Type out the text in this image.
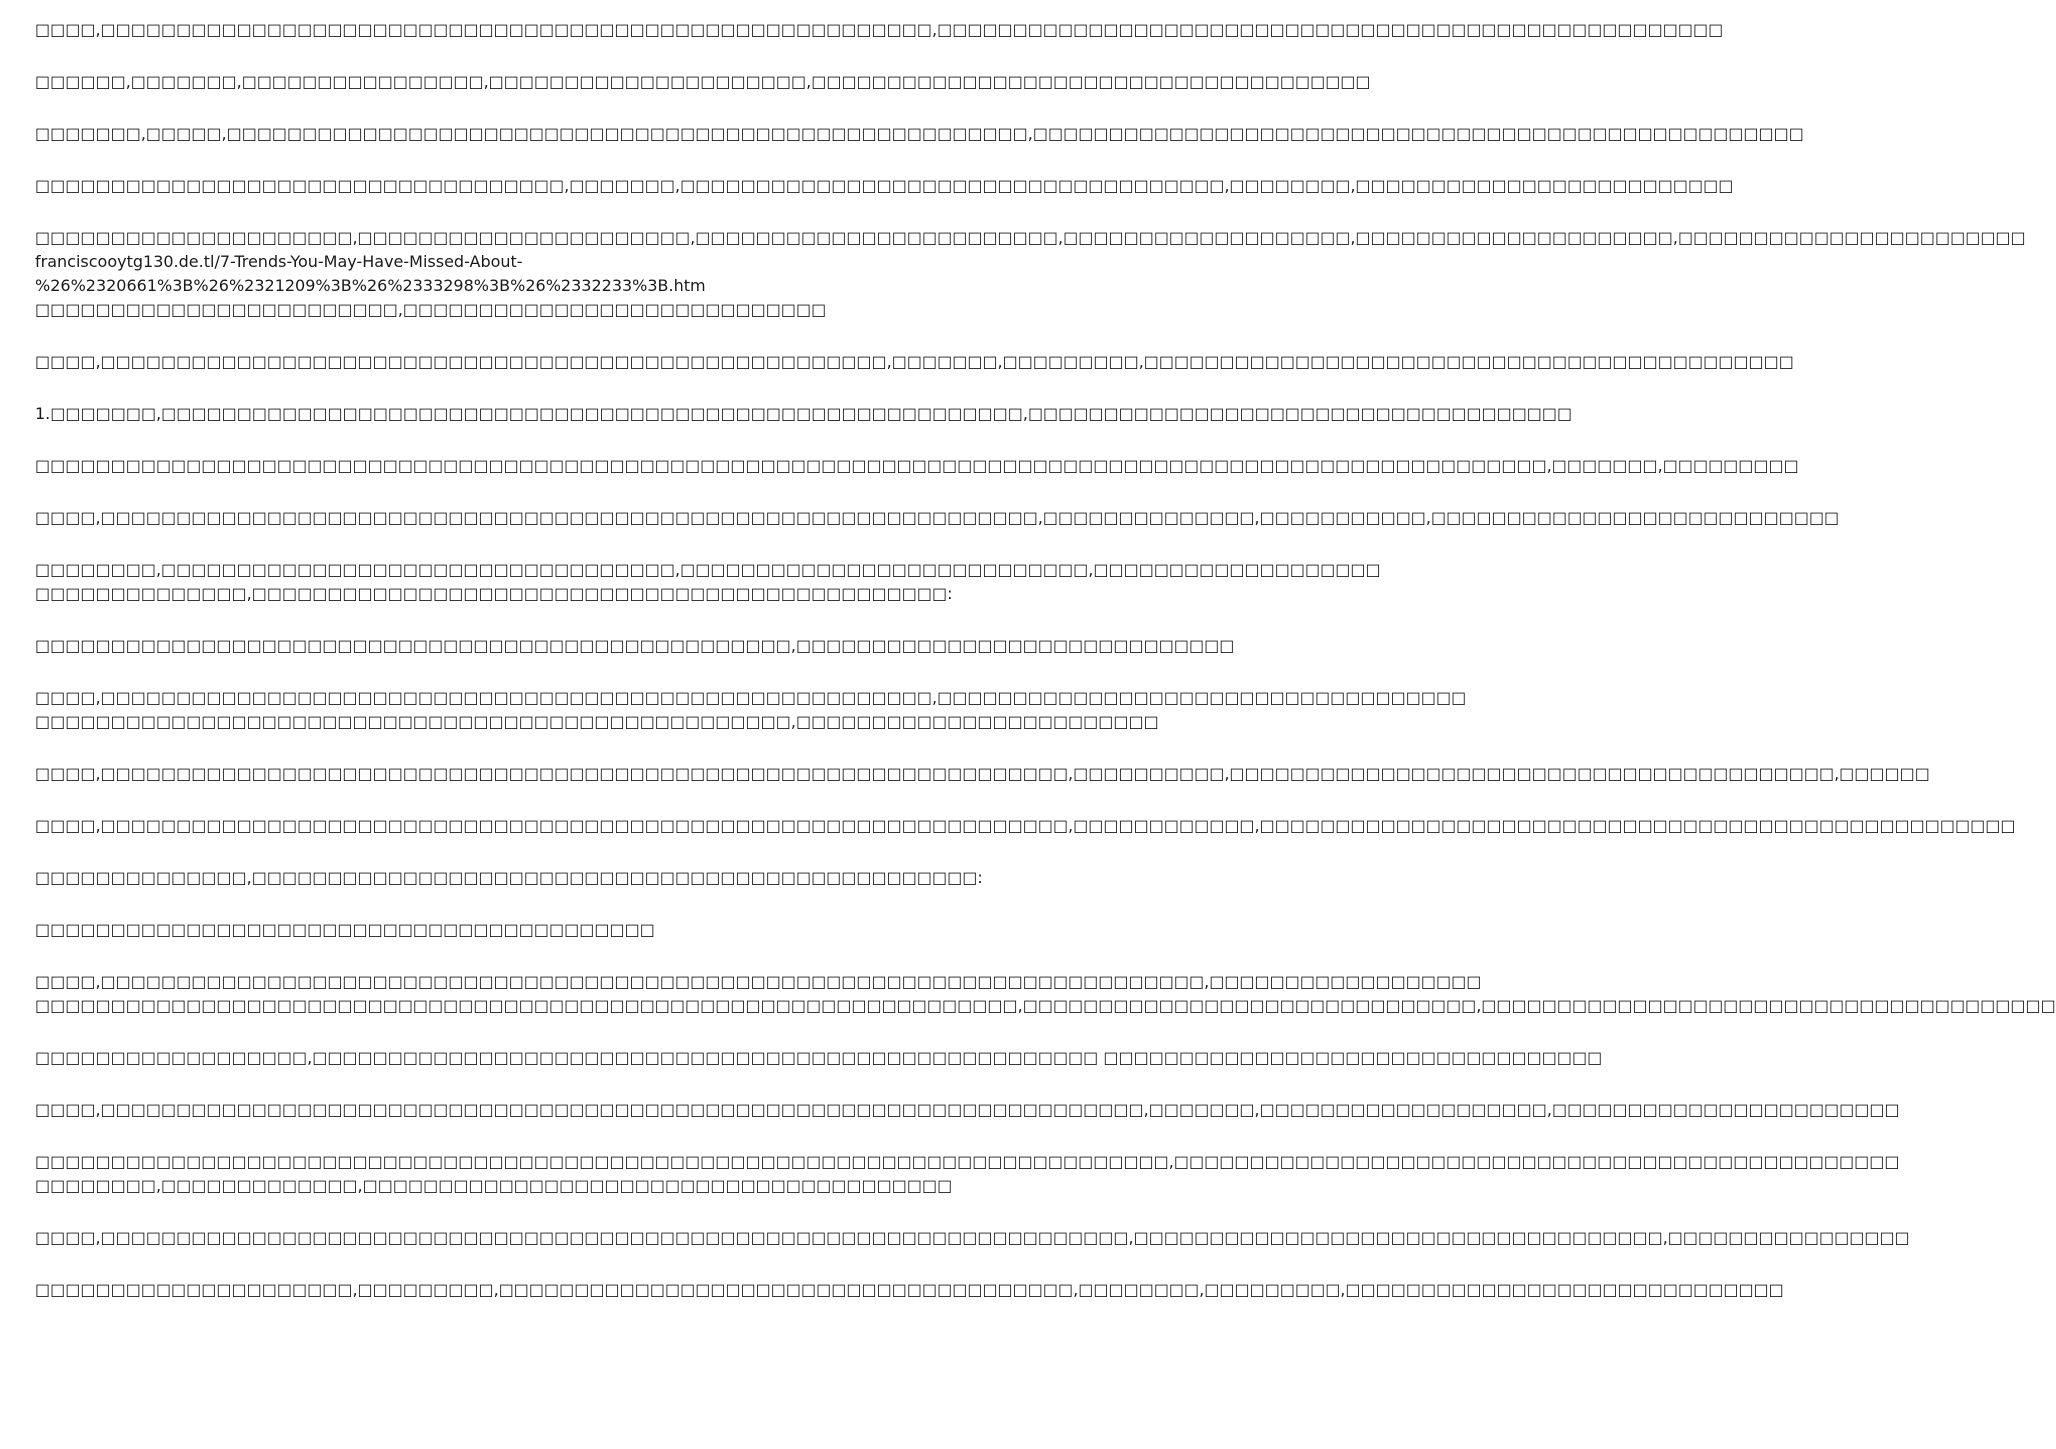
□□□□,□□□□□□□□□□□□□□□□□□□□□□□□□□□□□□□□□□□□□□□□□□□□□□□□□□□□□□□,□□□□□□□□□□□□□□□□□□□□□□□□□□□□□□□□□□□□□□□□□□□□□□□□□□□□
□□□□□□,□□□□□□□,□□□□□□□□□□□□□□□□,□□□□□□□□□□□□□□□□□□□□□,□□□□□□□□□□□□□□□□□□□□□□□□□□□□□□□□□□□□□
□□□□□□□,□□□□□,□□□□□□□□□□□□□□□□□□□□□□□□□□□□□□□□□□□□□□□□□□□□□□□□□□□□□,□□□□□□□□□□□□□□□□□□□□□□□□□□□□□□□□□□□□□□□□□□□□□□□□□□□
□□□□□□□□□□□□□□□□□□□□□□□□□□□□□□□□□□□,□□□□□□□,□□□□□□□□□□□□□□□□□□□□□□□□□□□□□□□□□□□□,□□□□□□□□,□□□□□□□□□□□□□□□□□□□□□□□□□
□□□□□□□□□□□□□□□□□□□□□,□□□□□□□□□□□□□□□□□□□□□□,□□□□□□□□□□□□□□□□□□□□□□□□,□□□□□□□□□□□□□□□□□□□,□□□□□□□□□□□□□□□□□□□□□,□□□□□□□□□□□□□□□□□□□□□□□
franciscooytg130.de.tl/7-Trends-You-May-Have-Missed-About-
%26%2320661%3B%26%2321209%3B%26%2333298%3B%26%2332233%3B.htm
□□□□□□□□□□□□□□□□□□□□□□□□,□□□□□□□□□□□□□□□□□□□□□□□□□□□□
□□□□,□□□□□□□□□□□□□□□□□□□□□□□□□□□□□□□□□□□□□□□□□□□□□□□□□□□□,□□□□□□□,□□□□□□□□□,□□□□□□□□□□□□□□□□□□□□□□□□□□□□□□□□□□□□□□□□□□□
1.□□□□□□□,□□□□□□□□□□□□□□□□□□□□□□□□□□□□□□□□□□□□□□□□□□□□□□□□□□□□□□□□□,□□□□□□□□□□□□□□□□□□□□□□□□□□□□□□□□□□□□
□□□□□□□□□□□□□□□□□□□□□□□□□□□□□□□□□□□□□□□□□□□□□□□□□□□□□□□□□□□□□□□□□□□□□□□□□□□□□□□□□□□□□□□□□□□□□□□□□□□□,□□□□□□□,□□□□□□□□□
□□□□,□□□□□□□□□□□□□□□□□□□□□□□□□□□□□□□□□□□□□□□□□□□□□□□□□□□□□□□□□□□□□□,□□□□□□□□□□□□□□,□□□□□□□□□□□,□□□□□□□□□□□□□□□□□□□□□□□□□□□
□□□□□□□□,□□□□□□□□□□□□□□□□□□□□□□□□□□□□□□□□□□,□□□□□□□□□□□□□□□□□□□□□□□□□□□,□□□□□□□□□□□□□□□□□□□
□□□□□□□□□□□□□□,□□□□□□□□□□□□□□□□□□□□□□□□□□□□□□□□□□□□□□□□□□□□□□:
□□□□□□□□□□□□□□□□□□□□□□□□□□□□□□□□□□□□□□□□□□□□□□□□□□,□□□□□□□□□□□□□□□□□□□□□□□□□□□□□
□□□□,□□□□□□□□□□□□□□□□□□□□□□□□□□□□□□□□□□□□□□□□□□□□□□□□□□□□□□□,□□□□□□□□□□□□□□□□□□□□□□□□□□□□□□□□□□□
□□□□□□□□□□□□□□□□□□□□□□□□□□□□□□□□□□□□□□□□□□□□□□□□□□,□□□□□□□□□□□□□□□□□□□□□□□□
□□□□,□□□□□□□□□□□□□□□□□□□□□□□□□□□□□□□□□□□□□□□□□□□□□□□□□□□□□□□□□□□□□□□□,□□□□□□□□□□,□□□□□□□□□□□□□□□□□□□□□□□□□□□□□□□□□□□□□□□□,□□□□□□
□□□□,□□□□□□□□□□□□□□□□□□□□□□□□□□□□□□□□□□□□□□□□□□□□□□□□□□□□□□□□□□□□□□□□,□□□□□□□□□□□□,□□□□□□□□□□□□□□□□□□□□□□□□□□□□□□□□□□□□□□□□□□□□□□□□□□
□□□□□□□□□□□□□□,□□□□□□□□□□□□□□□□□□□□□□□□□□□□□□□□□□□□□□□□□□□□□□□□:
□□□□□□□□□□□□□□□□□□□□□□□□□□□□□□□□□□□□□□□□□
□□□□,□□□□□□□□□□□□□□□□□□□□□□□□□□□□□□□□□□□□□□□□□□□□□□□□□□□□□□□□□□□□□□□□□□□□□□□□□,□□□□□□□□□□□□□□□□□□
□□□□□□□□□□□□□□□□□□□□□□□□□□□□□□□□□□□□□□□□□□□□□□□□□□□□□□□□□□□□□□□□□,□□□□□□□□□□□□□□□□□□□□□□□□□□□□□□,□□□□□□□□□□□□□□□□□□□□□□□□□□□□□□□□□□□□□□
□□□□□□□□□□□□□□□□□□,□□□□□□□□□□□□□□□□□□□□□□□□□□□□□□□□□□□□□□□□□□□□□□□□□□□□ □□□□□□□□□□□□□□□□□□□□□□□□□□□□□□□□□
□□□□,□□□□□□□□□□□□□□□□□□□□□□□□□□□□□□□□□□□□□□□□□□□□□□□□□□□□□□□□□□□□□□□□□□□□□,□□□□□□□,□□□□□□□□□□□□□□□□□□□,□□□□□□□□□□□□□□□□□□□□□□□
□□□□□□□□□□□□□□□□□□□□□□□□□□□□□□□□□□□□□□□□□□□□□□□□□□□□□□□□□□□□□□□□□□□□□□□□□□□,□□□□□□□□□□□□□□□□□□□□□□□□□□□□□□□□□□□□□□□□□□□□□□□□
□□□□□□□□,□□□□□□□□□□□□□,□□□□□□□□□□□□□□□□□□□□□□□□□□□□□□□□□□□□□□□
□□□□,□□□□□□□□□□□□□□□□□□□□□□□□□□□□□□□□□□□□□□□□□□□□□□□□□□□□□□□□□□□□□□□□□□□□,□□□□□□□□□□□□□□□□□□□□□□□□□□□□□□□□□□□,□□□□□□□□□□□□□□□□
□□□□□□□□□□□□□□□□□□□□□,□□□□□□□□□,□□□□□□□□□□□□□□□□□□□□□□□□□□□□□□□□□□□□□□,□□□□□□□□,□□□□□□□□□,□□□□□□□□□□□□□□□□□□□□□□□□□□□□□
